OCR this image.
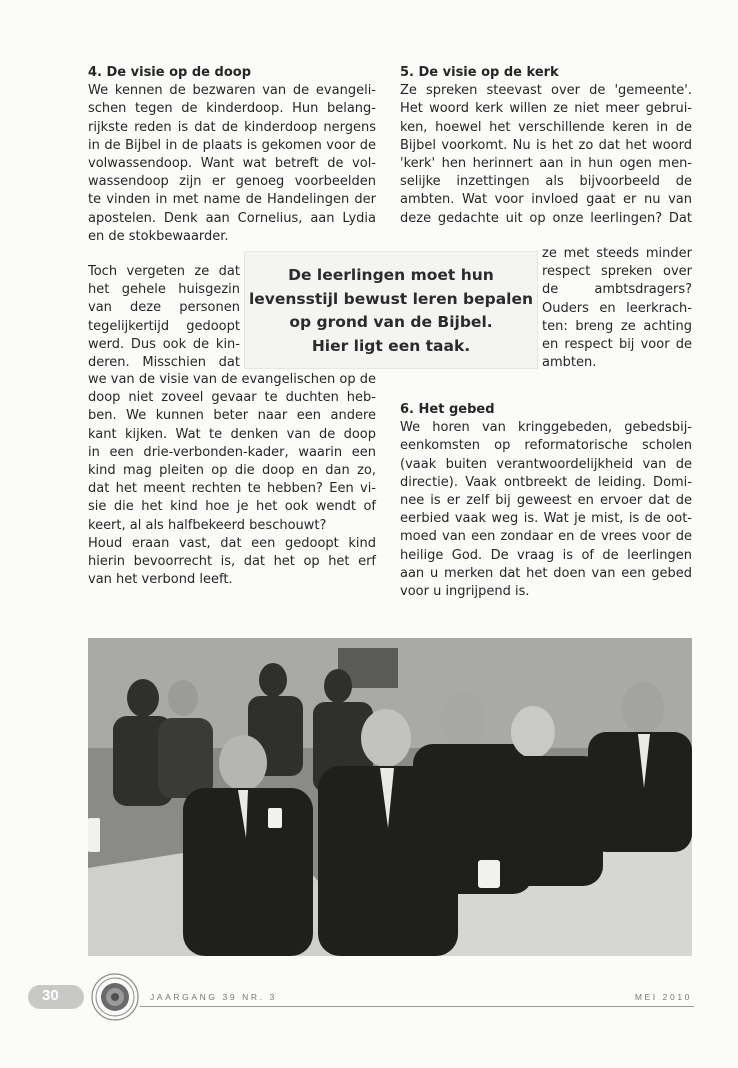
4. De visie op de doop
We kennen de bezwaren van de evangeli-
schen tegen de kinderdoop. Hun belang-
rijkste reden is dat de kinderdoop nergens
in de Bijbel in de plaats is gekomen voor de
volwassendoop. Want wat betreft de vol-
wassendoop zijn er genoeg voorbeelden
te vinden in met name de Handelingen der
apostelen. Denk aan Cornelius, aan Lydia
en de stokbewaarder.
Toch vergeten ze dat
het gehele huisgezin
van deze personen
tegelijkertijd gedoopt
werd. Dus ook de kin-
deren. Misschien dat
we van de visie van de evangelischen op de
doop niet zoveel gevaar te duchten heb-
ben. We kunnen beter naar een andere
kant kijken. Wat te denken van de doop
in een drie-verbonden-kader, waarin een
kind mag pleiten op die doop en dan zo,
dat het meent rechten te hebben? Een vi-
sie die het kind hoe je het ook wendt of
keert, al als halfbekeerd beschouwt?
Houd eraan vast, dat een gedoopt kind
hierin bevoorrecht is, dat het op het erf
van het verbond leeft.
5. De visie op de kerk
Ze spreken steevast over de 'gemeente'.
Het woord kerk willen ze niet meer gebrui-
ken, hoewel het verschillende keren in de
Bijbel voorkomt. Nu is het zo dat het woord
'kerk' hen herinnert aan in hun ogen men-
selijke inzettingen als bijvoorbeeld de
ambten. Wat voor invloed gaat er nu van
deze gedachte uit op onze leerlingen? Dat
ze met steeds minder
respect spreken over
de ambtsdragers?
Ouders en leerkrach-
ten: breng ze achting
en respect bij voor de
ambten.
6. Het gebed
We horen van kringgebeden, gebedsbij-
eenkomsten op reformatorische scholen
(vaak buiten verantwoordelijkheid van de
directie). Vaak ontbreekt de leiding. Domi-
nee is er zelf bij geweest en ervoer dat de
eerbied vaak weg is. Wat je mist, is de oot-
moed van een zondaar en de vrees voor de
heilige God. De vraag is of de leerlingen
aan u merken dat het doen van een gebed
voor u ingrijpend is.
De leerlingen moet hun
levensstijl bewust leren bepalen
op grond van de Bijbel.
Hier ligt een taak.
30	JAARGANG 39 NR. 3	MEI 2010
